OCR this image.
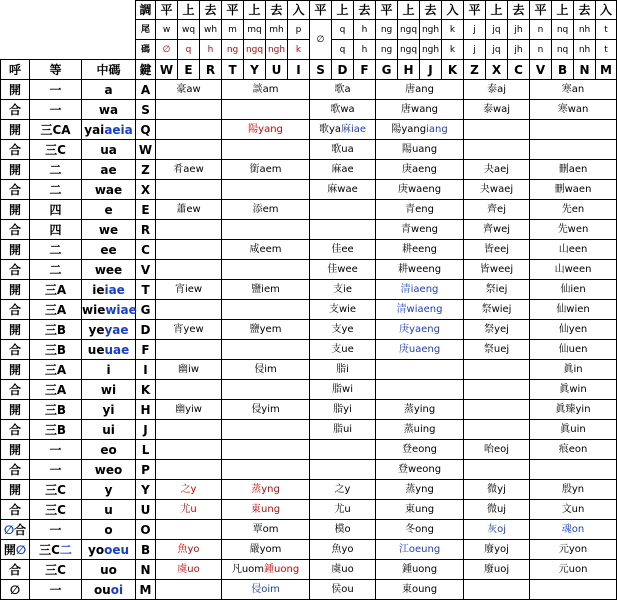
			調	平	上	去	平	上	去	入	平	上	去	平	上	去	入	平	上	去	平	上	去	入
			尾	w	wq	wh	m	mq	mh	p	∅	q	h	ng	ngq	ngh	k	j	jq	jh	n	nq	nh	t
			碼	∅	q	h	ng	ngq	ngh	k		q	h	ng	ngq	ngh	k	j	jq	jh	n	nq	nh	t
呼	等	中碼	鍵	W	E	R	T	Y	U	I	S	D	F	G	H	J	K	Z	X	C	V	B	N	M
開	一	a	A	豪aw			談am				歌a			唐ang				泰aj			寒an			
合	一	wa	S								歌wa			唐wang				泰waj			寒wan			
開	三CA	yaiaeia	Q				陽yang				歌ya麻iae			陽yangiang										
合	三C	ua	W								歌ua			陽uang										
開	二	ae	Z	肴aew			銜aem				麻ae			庚aeng				夬aej			刪aen			
合	二	wae	X								麻wae			庚waeng				夬waej			刪waen			
開	四	e	E	蕭ew			添em							青eng				齊ej			先en			
合	四	we	R											青weng				齊wej			先wen			
開	二	ee	C				咸eem				佳ee			耕eeng				皆eej			山een			
合	二	wee	V								佳wee			耕weeng				皆weej			山ween			
開	三A	ieiae	T	宵iew			鹽iem				支ie			清iaeng				祭iej			仙ien			
合	三A	wiewiae	G								支wie			清wiaeng				祭wiej			仙wien			
開	三B	yeyae	D	宵yew			鹽yem				支ye			庚yaeng				祭yej			仙yen			
合	三B	ueuae	F								支ue			庚uaeng				祭uej			仙uen			
開	三A	i	I	幽iw			侵im				脂i										眞in			
合	三A	wi	K								脂wi										眞win			
開	三B	yi	H	幽yiw			侵yim				脂yi			蒸ying							眞臻yin			
合	三B	ui	J								脂ui			蒸uing							眞uin			
開	一	eo	L											登eong				咍eoj			痕eon			
合	一	weo	P											登weong										
開	三C	y	Y	之y			蒸yng				之y			蒸yng				微yj			殷yn			
合	三C	u	U	尤u			東ung				尤u			東ung				微uj			文un			
∅合	一	o	O				覃om				模o			冬ong				灰oj			魂on			
開∅	三C二	yooeu	B	魚yo			嚴yom				魚yo			江oeung				廢yoj			元yon			
合	三C	uo	N	虞uo			凡uom鍾uong				虞uo			鍾uong				廢uoj			元uon			
∅	一	ouoi	M				侵oim				侯ou			東oung										
